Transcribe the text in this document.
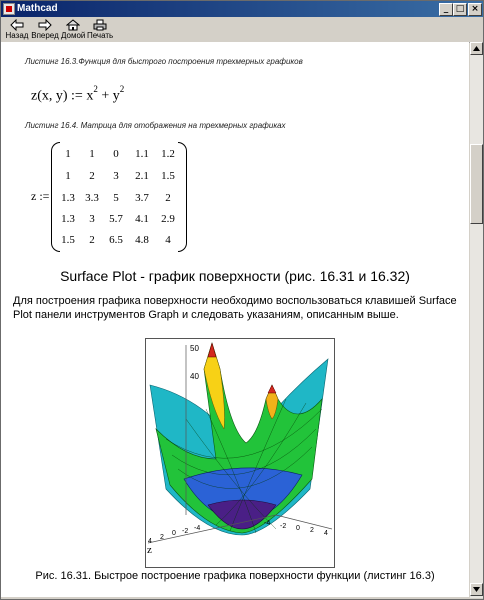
Mathcad	_ □ ×
Назад Вперед Домой Печать
Листинг 16.3.Функция для быстрого построения трехмерных графиков
z(x, y) := $x^2 + y^2$
Листинг 16.4. Матрица для отображения на трехмерных графиках
z :=
1	1	0	1.1	1.2
1	2	3	2.1	1.5
1.3 3.3	5	3.7	2
1.3	3	5.7	4.1	2.9
1.5	2	6.5	4.8	4
Surface Plot - график поверхности (рис. 16.31 и 16.32)
Для построения графика поверхности необходимо воспользоваться клавишей Surface Plot панели инструментов Graph и следовать указаниям, описанным выше.
50
40
4
2
0 -2 -4
-4 -2 0 2 4
z
Рис. 16.31. Быстрое построение графика поверхности функции (листинг 16.3)
